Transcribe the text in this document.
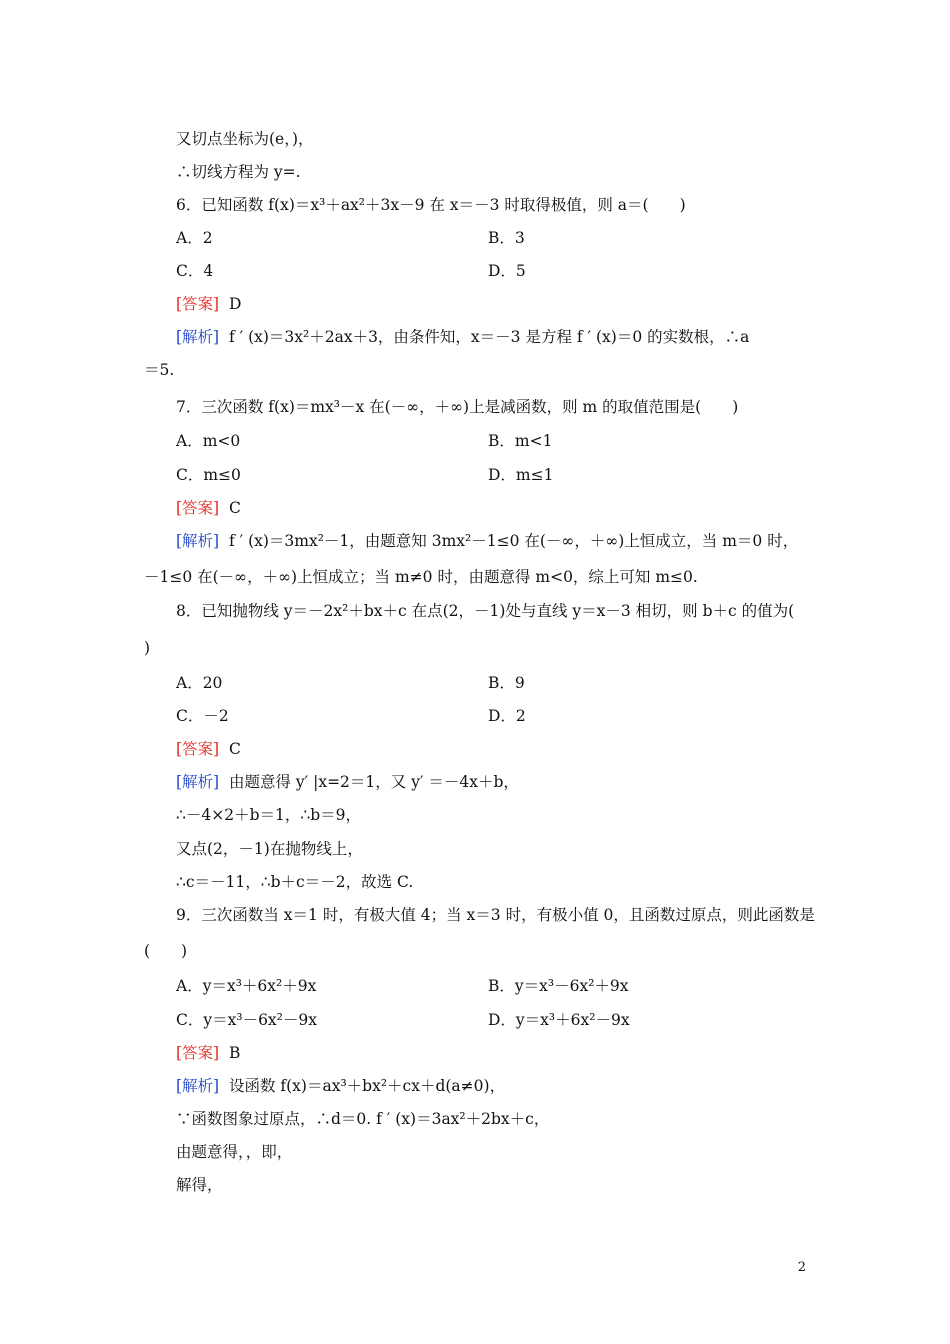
又切点坐标为(e，)，
∴切线方程为 y=.
6．已知函数 f(x)＝x³＋ax²＋3x－9 在 x＝－3 时取得极值，则 a＝(　　)
A．2	B．3
C．4	D．5
[答案] D
[解析] f ′ (x)＝3x²＋2ax＋3，由条件知，x＝－3 是方程 f ′ (x)＝0 的实数根，∴a
＝5.
7．三次函数 f(x)＝mx³－x 在(－∞，＋∞)上是减函数，则 m 的取值范围是(　　)
A．m<0	B．m<1
C．m≤0	D．m≤1
[答案] C
[解析] f ′ (x)＝3mx²－1，由题意知 3mx²－1≤0 在(－∞，＋∞)上恒成立，当 m＝0 时，
－1≤0 在(－∞，＋∞)上恒成立；当 m≠0 时，由题意得 m<0，综上可知 m≤0.
8．已知抛物线 y＝－2x²＋bx＋c 在点(2，－1)处与直线 y＝x－3 相切，则 b＋c 的值为(
)
A．20	B．9
C．－2	D．2
[答案] C
[解析] 由题意得 y′ |x=2＝1，又 y′ ＝－4x＋b，
∴－4×2＋b＝1，∴b＝9，
又点(2，－1)在抛物线上，
∴c＝－11，∴b＋c＝－2，故选 C.
9．三次函数当 x＝1 时，有极大值 4；当 x＝3 时，有极小值 0，且函数过原点，则此函数是
(　　)
A．y＝x³＋6x²＋9x	B．y＝x³－6x²＋9x
C．y＝x³－6x²－9x	D．y＝x³＋6x²－9x
[答案] B
[解析] 设函数 f(x)＝ax³＋bx²＋cx＋d(a≠0)，
∵函数图象过原点，∴d＝0. f ′ (x)＝3ax²＋2bx＋c，
由题意得，，即，
解得，
2
